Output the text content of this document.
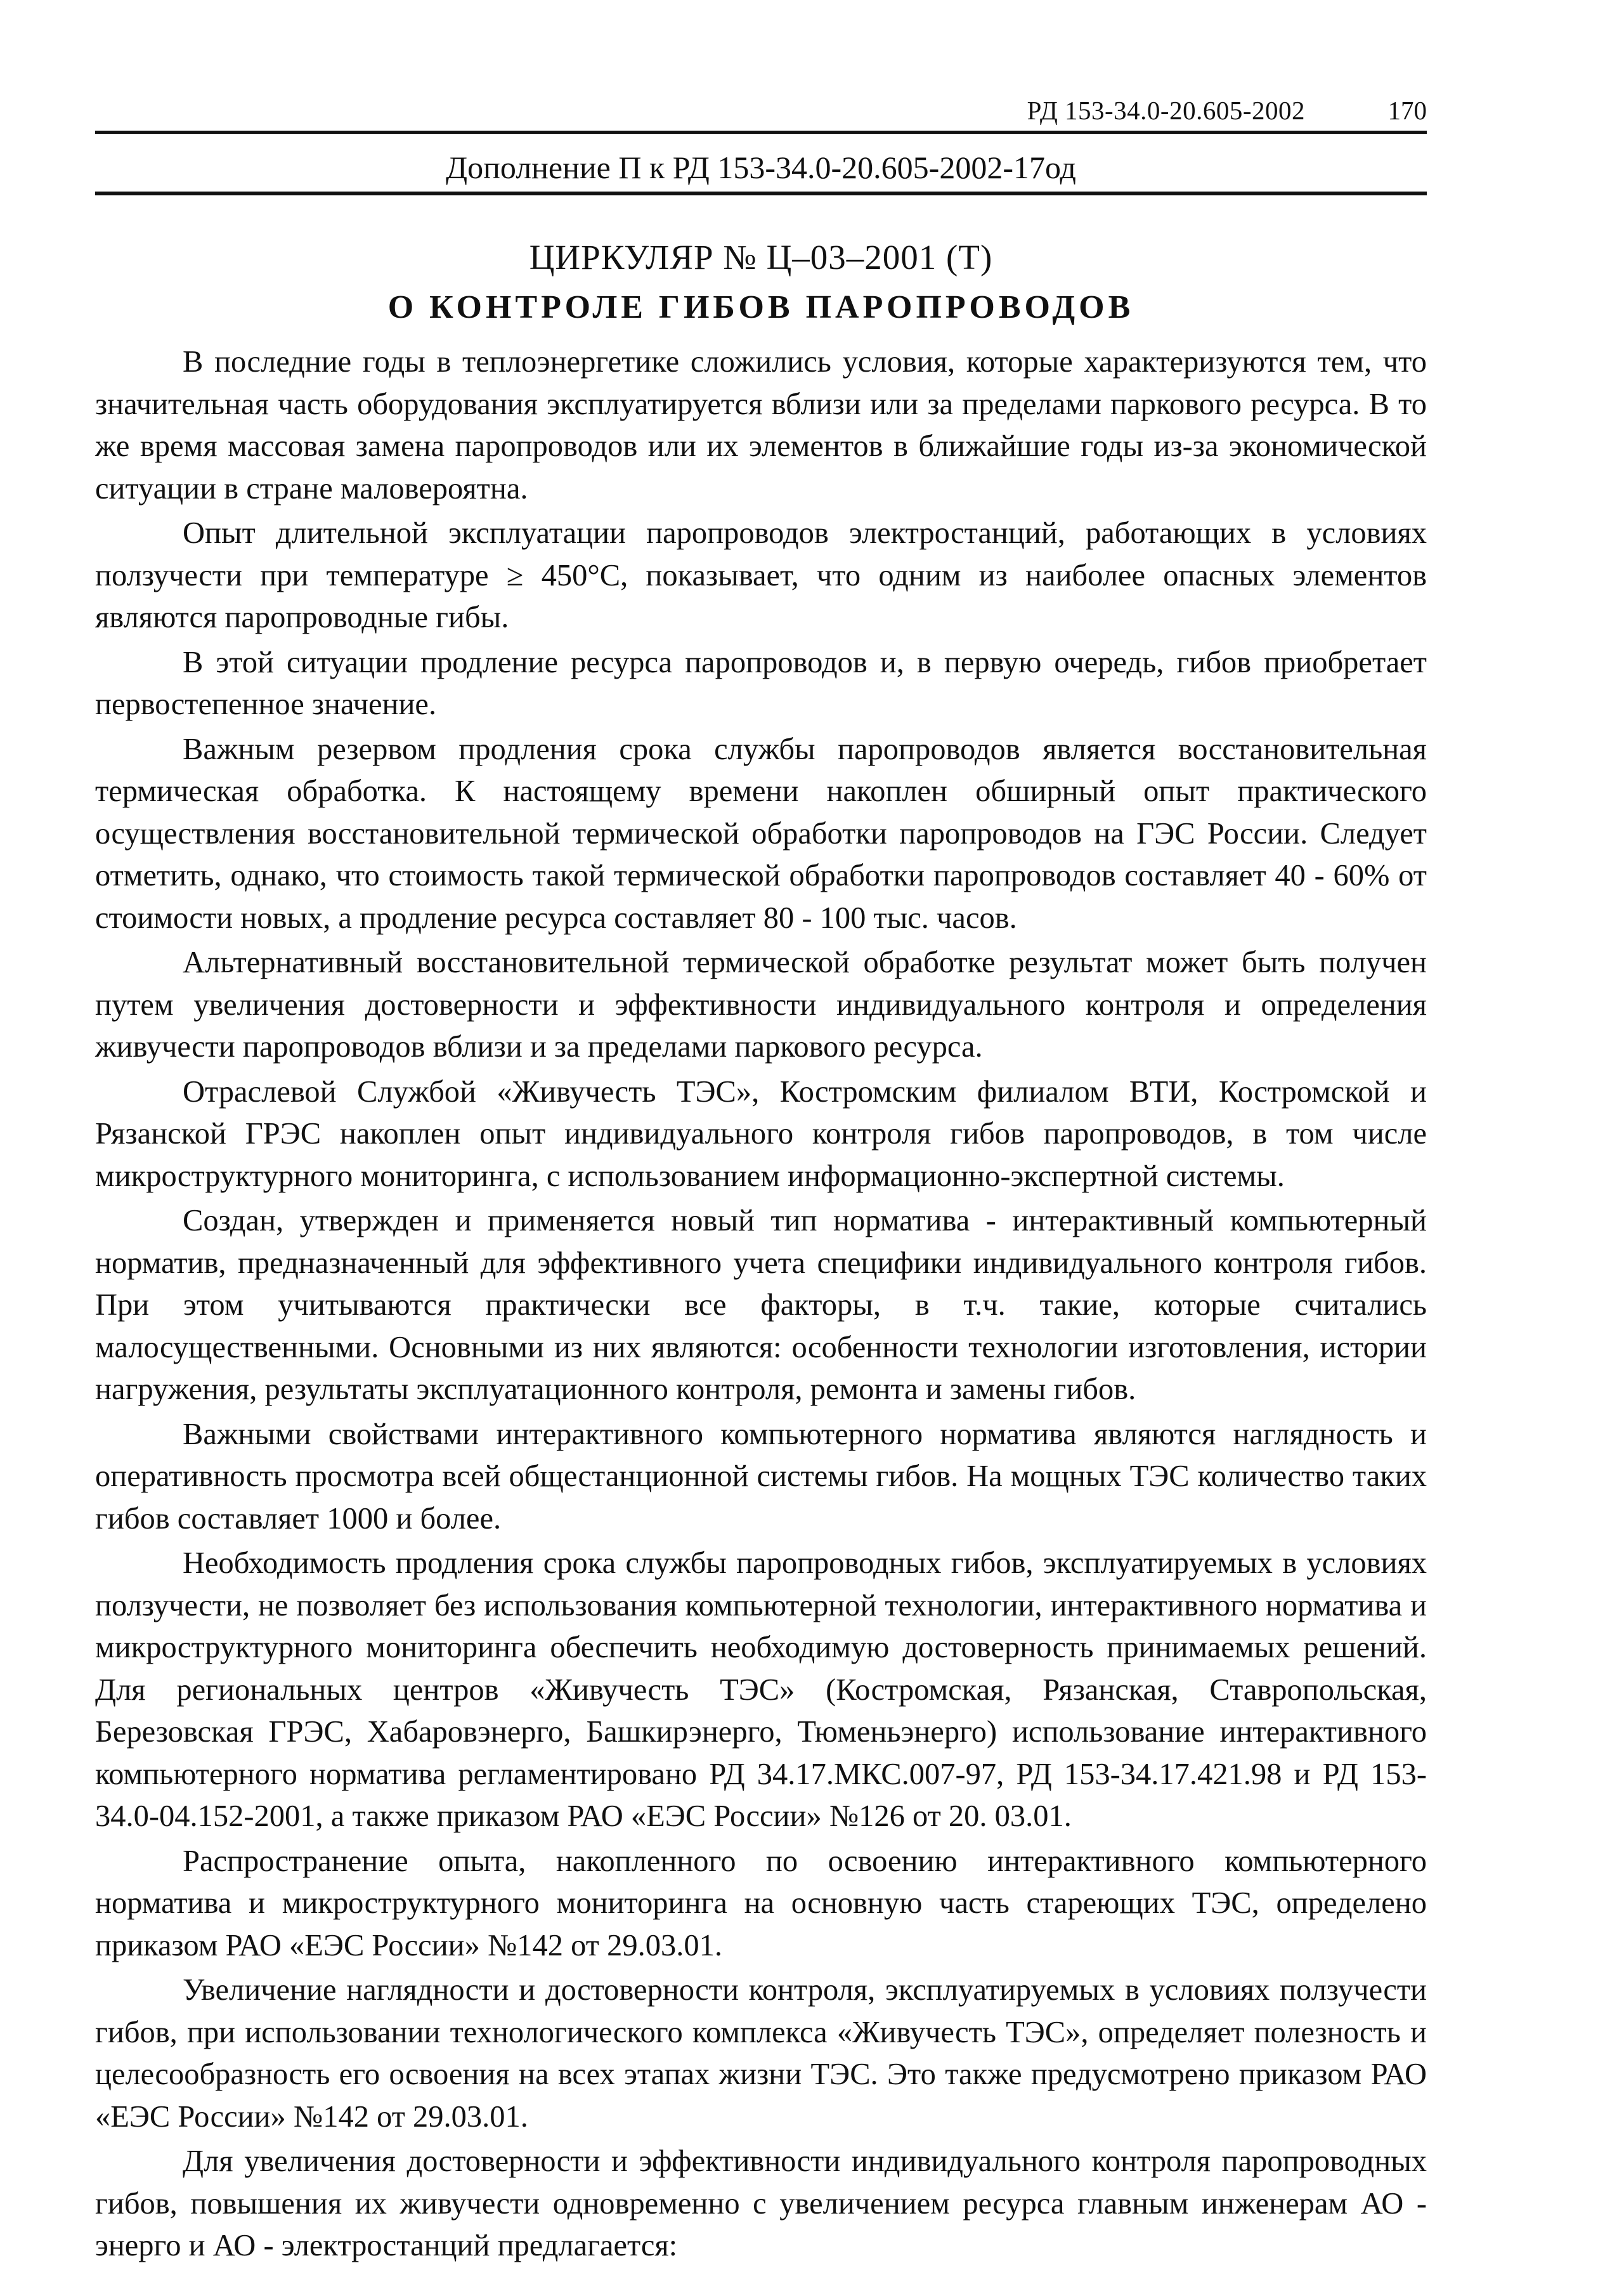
РД 153-34.0-20.605-2002	170
Дополнение П к РД 153-34.0-20.605-2002-17од
ЦИРКУЛЯР № Ц–03–2001 (Т)
О КОНТРОЛЕ ГИБОВ ПАРОПРОВОДОВ

В последние годы в теплоэнергетике сложились условия, которые характеризуются тем, что значительная часть оборудования эксплуатируется вблизи или за пределами паркового ресурса. В то же время массовая замена паропроводов или их элементов в ближайшие годы из-за экономической ситуации в стране маловероятна.

Опыт длительной эксплуатации паропроводов электростанций, работающих в условиях ползучести при температуре ≥ 450°С, показывает, что одним из наиболее опасных элементов являются паропроводные гибы.

В этой ситуации продление ресурса паропроводов и, в первую очередь, гибов приобретает первостепенное значение.

Важным резервом продления срока службы паропроводов является восстановительная термическая обработка. К настоящему времени накоплен обширный опыт практического осуществления восстановительной термической обработки паропроводов на ГЭС России. Следует отметить, однако, что стоимость такой термической обработки паропроводов составляет 40 - 60% от стоимости новых, а продление ресурса составляет 80 - 100 тыс. часов.

Альтернативный восстановительной термической обработке результат может быть получен путем увеличения достоверности и эффективности индивидуального контроля и определения живучести паропроводов вблизи и за пределами паркового ресурса.

Отраслевой Службой «Живучесть ТЭС», Костромским филиалом ВТИ, Костромской и Рязанской ГРЭС накоплен опыт индивидуального контроля гибов паропроводов, в том числе микроструктурного мониторинга, с использованием информационно-экспертной системы.

Создан, утвержден и применяется новый тип норматива - интерактивный компьютерный норматив, предназначенный для эффективного учета специфики индивидуального контроля гибов. При этом учитываются практически все факторы, в т.ч. такие, которые считались малосущественными. Основными из них являются: особенности технологии изготовления, истории нагружения, результаты эксплуатационного контроля, ремонта и замены гибов.

Важными свойствами интерактивного компьютерного норматива являются наглядность и оперативность просмотра всей общестанционной системы гибов. На мощных ТЭС количество таких гибов составляет 1000 и более.

Необходимость продления срока службы паропроводных гибов, эксплуатируемых в условиях ползучести, не позволяет без использования компьютерной технологии, интерактивного норматива и микроструктурного мониторинга обеспечить необходимую достоверность принимаемых решений. Для региональных центров «Живучесть ТЭС» (Костромская, Рязанская, Ставропольская, Березовская ГРЭС, Хабаровэнерго, Башкирэнерго, Тюменьэнерго) использование интерактивного компьютерного норматива регламентировано РД 34.17.МКС.007-97, РД 153-34.17.421.98 и РД 153-34.0-04.152-2001, а также приказом РАО «ЕЭС России» №126 от 20. 03.01.

Распространение опыта, накопленного по освоению интерактивного компьютерного норматива и микроструктурного мониторинга на основную часть стареющих ТЭС, определено приказом РАО «ЕЭС России» №142 от 29.03.01.

Увеличение наглядности и достоверности контроля, эксплуатируемых в условиях ползучести гибов, при использовании технологического комплекса «Живучесть ТЭС», определяет полезность и целесообразность его освоения на всех этапах жизни ТЭС. Это также предусмотрено приказом РАО «ЕЭС России» №142 от 29.03.01.

Для увеличения достоверности и эффективности индивидуального контроля паропроводных гибов, повышения их живучести одновременно с увеличением ресурса главным инженерам АО - энерго и АО - электростанций предлагается:
